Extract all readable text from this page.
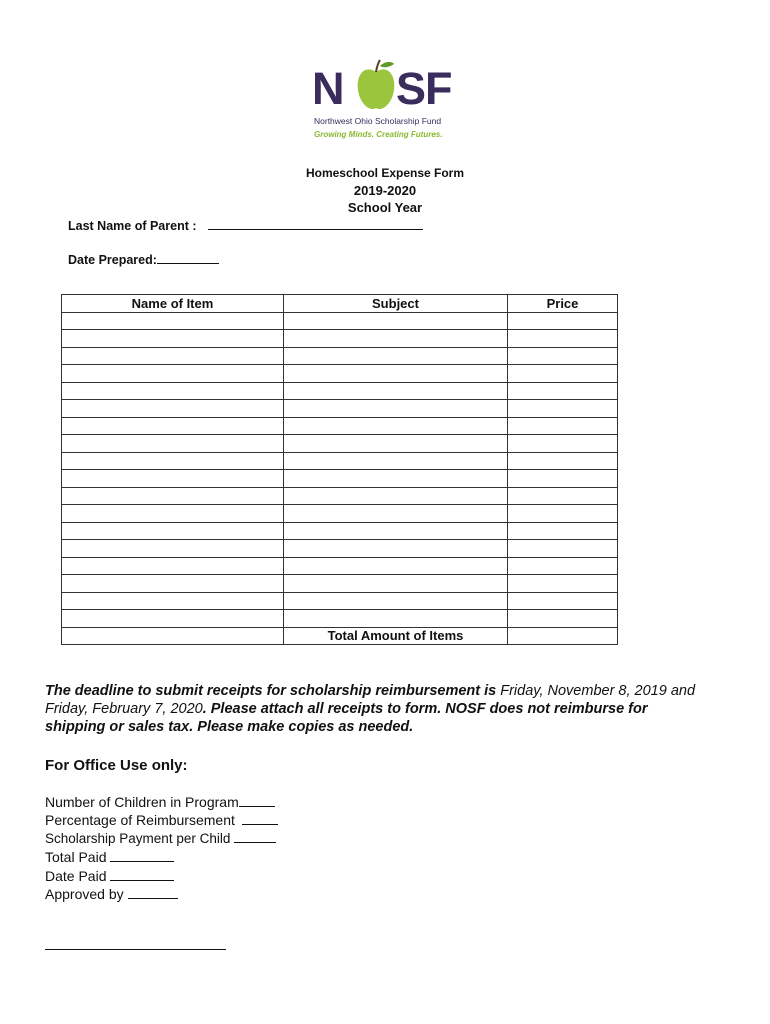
N SF
Northwest Ohio Scholarship Fund
Growing Minds. Creating Futures.
Homeschool Expense Form
2019-2020
School Year
Last Name of Parent :
Date Prepared:
Name of Item	Subject	Price

	Total Amount of Items	
The deadline to submit receipts for scholarship reimbursement is Friday, November 8, 2019 and Friday, February 7, 2020. Please attach all receipts to form. NOSF does not reimburse for shipping or sales tax. Please make copies as needed.
For Office Use only:
Number of Children in Program
Percentage of Reimbursement
Scholarship Payment per Child
Total Paid
Date Paid
Approved by
